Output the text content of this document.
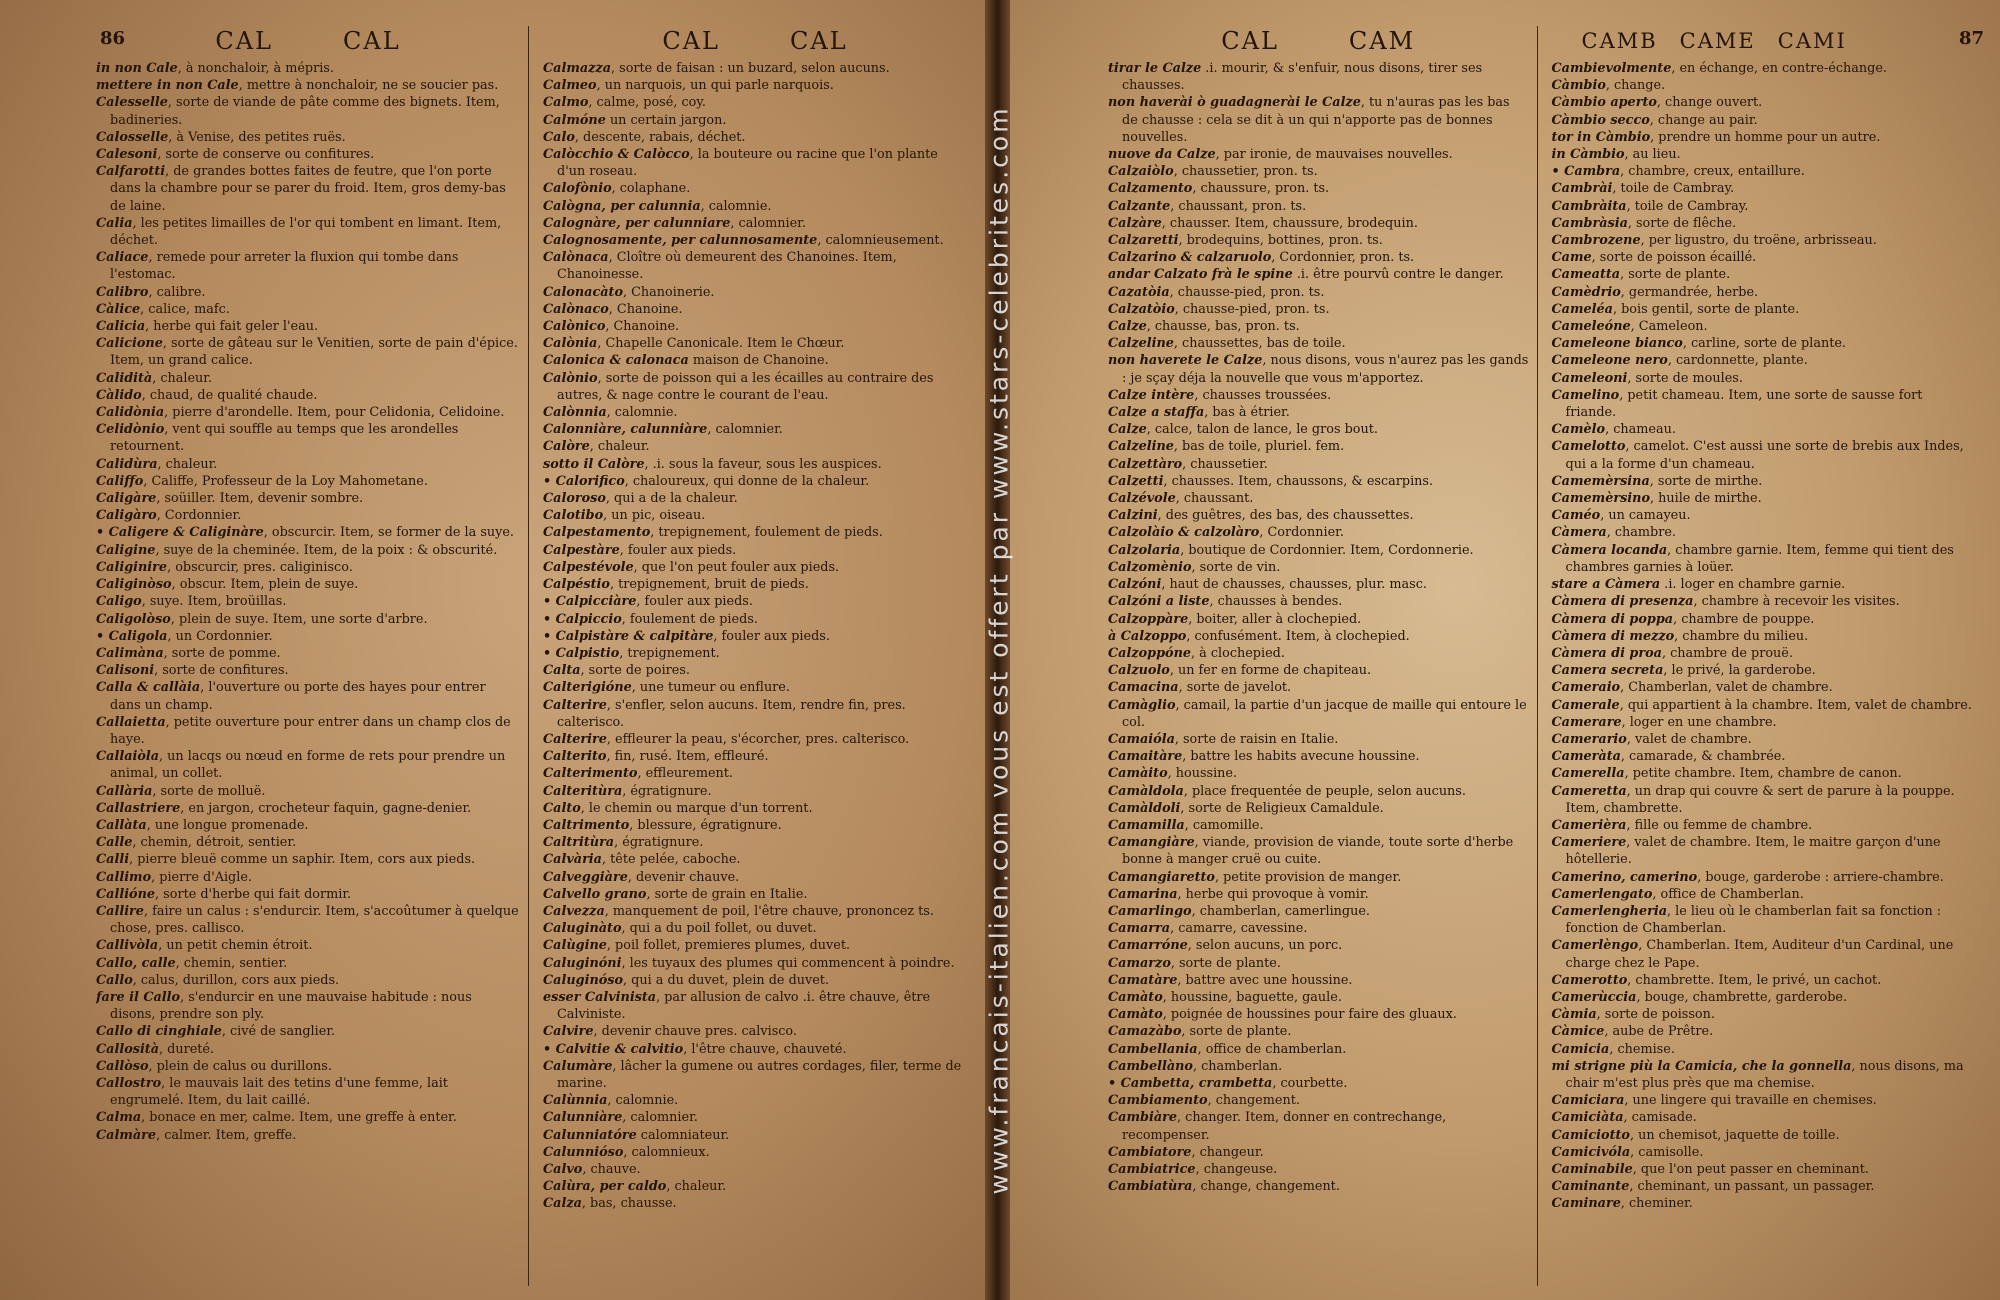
86	CAL	CAL
in non Cale, à nonchaloir, à mépris.
mettere in non Cale, mettre à nonchaloir, ne se soucier pas.
Calesselle, sorte de viande de pâte comme des bignets. Item, badineries.
Calosselle, à Venise, des petites ruës.
Calesoni, sorte de conserve ou confitures.
Calfarotti, de grandes bottes faites de feutre, que l'on porte dans la chambre pour se parer du froid. Item, gros demy-bas de laine.
Calia, les petites limailles de l'or qui tombent en limant. Item, déchet.
Caliace, remede pour arreter la fluxion qui tombe dans l'estomac.
Calibro, calibre.
Càlice, calice, mafc.
Calicia, herbe qui fait geler l'eau.
Calicione, sorte de gâteau sur le Venitien, sorte de pain d'épice. Item, un grand calice.
Calidità, chaleur.
Càlido, chaud, de qualité chaude.
Calidònia, pierre d'arondelle. Item, pour Celidonia, Celidoine.
Celidònio, vent qui souffle au temps que les arondelles retournent.
Calidùra, chaleur.
Califfo, Califfe, Professeur de la Loy Mahometane.
Caligàre, soüiller. Item, devenir sombre.
Caligàro, Cordonnier.
• Caligere & Caliginàre, obscurcir. Item, se former de la suye.
Caligine, suye de la cheminée. Item, de la poix : & obscurité.
Caliginire, obscurcir, pres. caliginisco.
Caliginòso, obscur. Item, plein de suye.
Caligo, suye. Item, broüillas.
Caligolòso, plein de suye. Item, une sorte d'arbre.
• Caligola, un Cordonnier.
Calimàna, sorte de pomme.
Calisoni, sorte de confitures.
Calla & callàia, l'ouverture ou porte des hayes pour entrer dans un champ.
Callaietta, petite ouverture pour entrer dans un champ clos de haye.
Callaiòla, un lacqs ou nœud en forme de rets pour prendre un animal, un collet.
Callària, sorte de molluë.
Callastriere, en jargon, crocheteur faquin, gagne-denier.
Callàta, une longue promenade.
Calle, chemin, détroit, sentier.
Calli, pierre bleuë comme un saphir. Item, cors aux pieds.
Callimo, pierre d'Aigle.
Callióne, sorte d'herbe qui fait dormir.
Callire, faire un calus : s'endurcir. Item, s'accoûtumer à quelque chose, pres. callisco.
Callivòla, un petit chemin étroit.
Callo, calle, chemin, sentier.
Callo, calus, durillon, cors aux pieds.
fare il Callo, s'endurcir en une mauvaise habitude : nous disons, prendre son ply.
Callo di cinghiale, civé de sanglier.
Callosità, dureté.
Callòso, plein de calus ou durillons.
Callostro, le mauvais lait des tetins d'une femme, lait engrumelé. Item, du lait caillé.
Calma, bonace en mer, calme. Item, une greffe à enter.
Calmàre, calmer. Item, greffe.
CAL	CAL
Calmazza, sorte de faisan : un buzard, selon aucuns.
Calmeo, un narquois, un qui parle narquois.
Calmo, calme, posé, coy.
Calmóne un certain jargon.
Calo, descente, rabais, déchet.
Calòcchio & Calòcco, la bouteure ou racine que l'on plante d'un roseau.
Calofònio, colaphane.
Calògna, per calunnia, calomnie.
Calognàre, per calunniare, calomnier.
Calognosamente, per calunnosamente, calomnieusement.
Calònaca, Cloître où demeurent des Chanoines. Item, Chanoinesse.
Calonacàto, Chanoinerie.
Calònaco, Chanoine.
Calònico, Chanoine.
Calònia, Chapelle Canonicale. Item le Chœur.
Calonica & calonaca maison de Chanoine.
Calònio, sorte de poisson qui a les écailles au contraire des autres, & nage contre le courant de l'eau.
Calònnia, calomnie.
Calonniàre, calunniàre, calomnier.
Calòre, chaleur.
sotto il Calòre, .i. sous la faveur, sous les auspices.
• Calorifico, chaloureux, qui donne de la chaleur.
Caloroso, qui a de la chaleur.
Calotibo, un pic, oiseau.
Calpestamento, trepignement, foulement de pieds.
Calpestàre, fouler aux pieds.
Calpestévole, que l'on peut fouler aux pieds.
Calpéstio, trepignement, bruit de pieds.
• Calpicciàre, fouler aux pieds.
• Calpiccio, foulement de pieds.
• Calpistàre & calpitàre, fouler aux pieds.
• Calpistio, trepignement.
Calta, sorte de poires.
Calterigióne, une tumeur ou enflure.
Calterire, s'enfler, selon aucuns. Item, rendre fin, pres. calterisco.
Calterire, effleurer la peau, s'écorcher, pres. calterisco.
Calterito, fin, rusé. Item, effleuré.
Calterimento, effleurement.
Calteritùra, égratignure.
Calto, le chemin ou marque d'un torrent.
Caltrimento, blessure, égratignure.
Caltritùra, égratignure.
Calvària, tête pelée, caboche.
Calveggiàre, devenir chauve.
Calvello grano, sorte de grain en Italie.
Calvezza, manquement de poil, l'être chauve, prononcez ts.
Caluginàto, qui a du poil follet, ou duvet.
Calùgine, poil follet, premieres plumes, duvet.
Caluginóni, les tuyaux des plumes qui commencent à poindre.
Caluginóso, qui a du duvet, plein de duvet.
esser Calvinista, par allusion de calvo .i. être chauve, être Calviniste.
Calvire, devenir chauve pres. calvisco.
• Calvitie & calvitio, l'être chauve, chauveté.
Calumàre, lâcher la gumene ou autres cordages, filer, terme de marine.
Calùnnia, calomnie.
Calunniàre, calomnier.
Calunniatóre calomniateur.
Calunnióso, calomnieux.
Calvo, chauve.
Calùra, per caldo, chaleur.
Calza, bas, chausse.
87
CAL	CAM
tirar le Calze .i. mourir, & s'enfuir, nous disons, tirer ses chausses.
non haverài ò guadagnerài le Calze, tu n'auras pas les bas de chausse : cela se dit à un qui n'apporte pas de bonnes nouvelles.
nuove da Calze, par ironie, de mauvaises nouvelles.
Calzaiòlo, chaussetier, pron. ts.
Calzamento, chaussure, pron. ts.
Calzante, chaussant, pron. ts.
Calzàre, chausser. Item, chaussure, brodequin.
Calzaretti, brodequins, bottines, pron. ts.
Calzarino & calzaruolo, Cordonnier, pron. ts.
andar Calzato frà le spine .i. être pourvû contre le danger.
Cazatòia, chausse-pied, pron. ts.
Calzatòio, chausse-pied, pron. ts.
Calze, chausse, bas, pron. ts.
Calzeline, chaussettes, bas de toile.
non haverete le Calze, nous disons, vous n'aurez pas les gands : je sçay déja la nouvelle que vous m'apportez.
Calze intère, chausses troussées.
Calze a staffa, bas à étrier.
Calze, calce, talon de lance, le gros bout.
Calzeline, bas de toile, pluriel. fem.
Calzettàro, chaussetier.
Calzetti, chausses. Item, chaussons, & escarpins.
Calzévole, chaussant.
Calzini, des guêtres, des bas, des chaussettes.
Calzolàio & calzolàro, Cordonnier.
Calzolaria, boutique de Cordonnier. Item, Cordonnerie.
Calzomènio, sorte de vin.
Calzóni, haut de chausses, chausses, plur. masc.
Calzóni a liste, chausses à bendes.
Calzoppàre, boiter, aller à clochepied.
à Calzoppo, confusément. Item, à clochepied.
Calzoppóne, à clochepied.
Calzuolo, un fer en forme de chapiteau.
Camacina, sorte de javelot.
Camàglio, camail, la partie d'un jacque de maille qui entoure le col.
Camaióla, sorte de raisin en Italie.
Camaitàre, battre les habits avecune houssine.
Camàito, houssine.
Camàldola, place frequentée de peuple, selon aucuns.
Camàldoli, sorte de Religieux Camaldule.
Camamilla, camomille.
Camangiàre, viande, provision de viande, toute sorte d'herbe bonne à manger cruë ou cuite.
Camangiaretto, petite provision de manger.
Camarina, herbe qui provoque à vomir.
Camarlingo, chamberlan, camerlingue.
Camarra, camarre, cavessine.
Camarróne, selon aucuns, un porc.
Camarzo, sorte de plante.
Camatàre, battre avec une houssine.
Camàto, houssine, baguette, gaule.
Camàto, poignée de houssines pour faire des gluaux.
Camazàbo, sorte de plante.
Cambellania, office de chamberlan.
Cambellàno, chamberlan.
• Cambetta, crambetta, courbette.
Cambiamento, changement.
Cambiàre, changer. Item, donner en contrechange, recompenser.
Cambiatore, changeur.
Cambiatrice, changeuse.
Cambiatùra, change, changement.
CAMB CAME CAMI
Cambievolmente, en échange, en contre-échange.
Càmbio, change.
Càmbio aperto, change ouvert.
Càmbio secco, change au pair.
tor in Càmbio, prendre un homme pour un autre.
in Càmbio, au lieu.
• Cambra, chambre, creux, entaillure.
Cambrài, toile de Cambray.
Cambràita, toile de Cambray.
Cambràsia, sorte de flêche.
Cambrozene, per ligustro, du troëne, arbrisseau.
Came, sorte de poisson écaillé.
Cameatta, sorte de plante.
Camèdrio, germandrée, herbe.
Cameléa, bois gentil, sorte de plante.
Cameleóne, Cameleon.
Cameleone bianco, carline, sorte de plante.
Cameleone nero, cardonnette, plante.
Cameleoni, sorte de moules.
Camelino, petit chameau. Item, une sorte de sausse fort friande.
Camèlo, chameau.
Camelotto, camelot. C'est aussi une sorte de brebis aux Indes, qui a la forme d'un chameau.
Camemèrsina, sorte de mirthe.
Camemèrsino, huile de mirthe.
Caméo, un camayeu.
Càmera, chambre.
Càmera locanda, chambre garnie. Item, femme qui tient des chambres garnies à loüer.
stare a Càmera .i. loger en chambre garnie.
Càmera di presenza, chambre à recevoir les visites.
Càmera di poppa, chambre de pouppe.
Càmera di mezzo, chambre du milieu.
Càmera di proa, chambre de prouë.
Camera secreta, le privé, la garderobe.
Cameraio, Chamberlan, valet de chambre.
Camerale, qui appartient à la chambre. Item, valet de chambre.
Camerare, loger en une chambre.
Camerario, valet de chambre.
Cameràta, camarade, & chambrée.
Camerella, petite chambre. Item, chambre de canon.
Cameretta, un drap qui couvre & sert de parure à la pouppe. Item, chambrette.
Camerièra, fille ou femme de chambre.
Cameriere, valet de chambre. Item, le maitre garçon d'une hôtellerie.
Camerino, camerino, bouge, garderobe : arriere-chambre.
Camerlengato, office de Chamberlan.
Camerlengheria, le lieu où le chamberlan fait sa fonction : fonction de Chamberlan.
Camerlèngo, Chamberlan. Item, Auditeur d'un Cardinal, une charge chez le Pape.
Camerotto, chambrette. Item, le privé, un cachot.
Camerùccia, bouge, chambrette, garderobe.
Càmia, sorte de poisson.
Càmice, aube de Prêtre.
Camicia, chemise.
mi strigne più la Camicia, che la gonnella, nous disons, ma chair m'est plus près que ma chemise.
Camiciara, une lingere qui travaille en chemises.
Camiciàta, camisade.
Camiciotto, un chemisot, jaquette de toille.
Camicivóla, camisolle.
Caminabile, que l'on peut passer en cheminant.
Caminante, cheminant, un passant, un passager.
Caminare, cheminer.
www.francais-italien.com vous est offert par www.stars-celebrites.com
